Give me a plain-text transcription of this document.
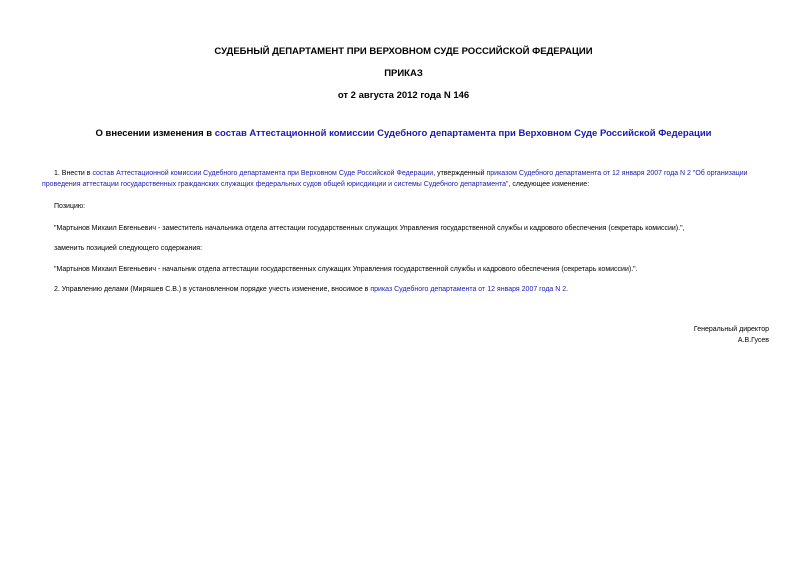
СУДЕБНЫЙ ДЕПАРТАМЕНТ ПРИ ВЕРХОВНОМ СУДЕ РОССИЙСКОЙ ФЕДЕРАЦИИ
ПРИКАЗ
от 2 августа 2012 года N 146
О внесении изменения в состав Аттестационной комиссии Судебного департамента при Верховном Суде Российской Федерации
1. Внести в состав Аттестационной комиссии Судебного департамента при Верховном Суде Российской Федерации, утвержденный приказом Судебного департамента от 12 января 2007 года N 2 "Об организации проведения аттестации государственных гражданских служащих федеральных судов общей юрисдикции и системы Судебного департамента", следующее изменение:
Позицию:
"Мартынов Михаил Евгеньевич - заместитель начальника отдела аттестации государственных служащих Управления государственной службы и кадрового обеспечения (секретарь комиссии).",
заменить позицией следующего содержания:
"Мартынов Михаил Евгеньевич - начальник отдела аттестации государственных служащих Управления государственной службы и кадрового обеспечения (секретарь комиссии).".
2. Управлению делами (Миряшев С.В.) в установленном порядке учесть изменение, вносимое в приказ Судебного департамента от 12 января 2007 года N 2.
Генеральный директор
А.В.Гусев
